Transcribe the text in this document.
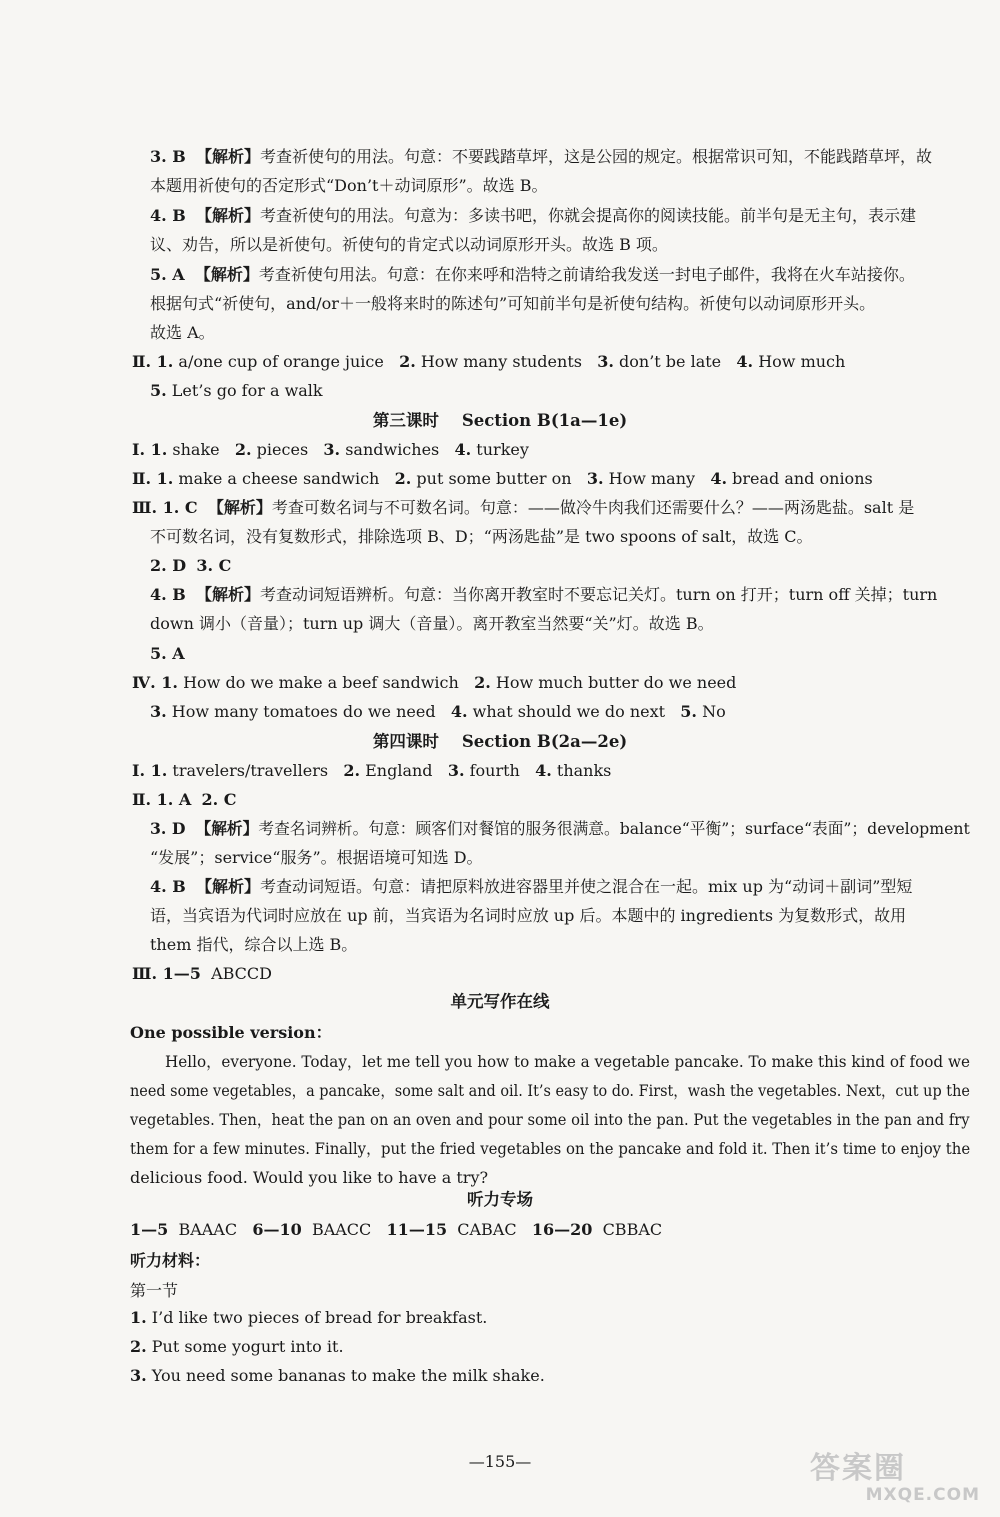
3. B 【解析】考查祈使句的用法。句意：不要践踏草坪，这是公园的规定。根据常识可知，不能践踏草坪，故
本题用祈使句的否定形式“Don’t＋动词原形”。故选 B。
4. B 【解析】考查祈使句的用法。句意为：多读书吧，你就会提高你的阅读技能。前半句是无主句，表示建
议、劝告，所以是祈使句。祈使句的肯定式以动词原形开头。故选 B 项。
5. A 【解析】考查祈使句用法。句意：在你来呼和浩特之前请给我发送一封电子邮件，我将在火车站接你。
根据句式“祈使句，and/or＋一般将来时的陈述句”可知前半句是祈使句结构。祈使句以动词原形开头。
故选 A。
Ⅱ. 1. a/one cup of orange juice   2. How many students   3. don’t be late   4. How much
5. Let’s go for a walk
Ⅰ. 1. shake   2. pieces   3. sandwiches   4. turkey
Ⅱ. 1. make a cheese sandwich   2. put some butter on   3. How many   4. bread and onions
Ⅲ. 1. C 【解析】考查可数名词与不可数名词。句意：——做冷牛肉我们还需要什么？——两汤匙盐。salt 是
不可数名词，没有复数形式，排除选项 B、D；“两汤匙盐”是 two spoons of salt，故选 C。
2. D 3. C
4. B 【解析】考查动词短语辨析。句意：当你离开教室时不要忘记关灯。turn on 打开；turn off 关掉；turn
down 调小（音量）；turn up 调大（音量）。离开教室当然要“关”灯。故选 B。
5. A
Ⅳ. 1. How do we make a beef sandwich   2. How much butter do we need
3. How many tomatoes do we need   4. what should we do next   5. No
Ⅰ. 1. travelers/travellers   2. England   3. fourth   4. thanks
Ⅱ. 1. A 2. C
3. D 【解析】考查名词辨析。句意：顾客们对餐馆的服务很满意。balance“平衡”；surface“表面”；development
“发展”；service“服务”。根据语境可知选 D。
4. B 【解析】考查动词短语。句意：请把原料放进容器里并使之混合在一起。mix up 为“动词＋副词”型短
语，当宾语为代词时应放在 up 前，当宾语为名词时应放 up 后。本题中的 ingredients 为复数形式，故用
them 指代，综合以上选 B。
Ⅲ. 1—5  ABCCD
One possible version：
Hello，everyone. Today，let me tell you how to make a vegetable pancake. To make this kind of food we
need some vegetables，a pancake，some salt and oil. It’s easy to do. First，wash the vegetables. Next，cut up the
vegetables. Then，heat the pan on an oven and pour some oil into the pan. Put the vegetables in the pan and fry
them for a few minutes. Finally，put the fried vegetables on the pancake and fold it. Then it’s time to enjoy the
delicious food. Would you like to have a try?
1—5  BAAAC   6—10  BAACC   11—15  CABAC   16—20  CBBAC
听力材料：
第一节
1. I’d like two pieces of bread for breakfast.
2. Put some yogurt into it.
3. You need some bananas to make the milk shake.
第三课时    Section B(1a—1e)
第四课时    Section B(2a—2e)
单元写作在线
听力专场
—155—	答案圈
MXQE.COM
